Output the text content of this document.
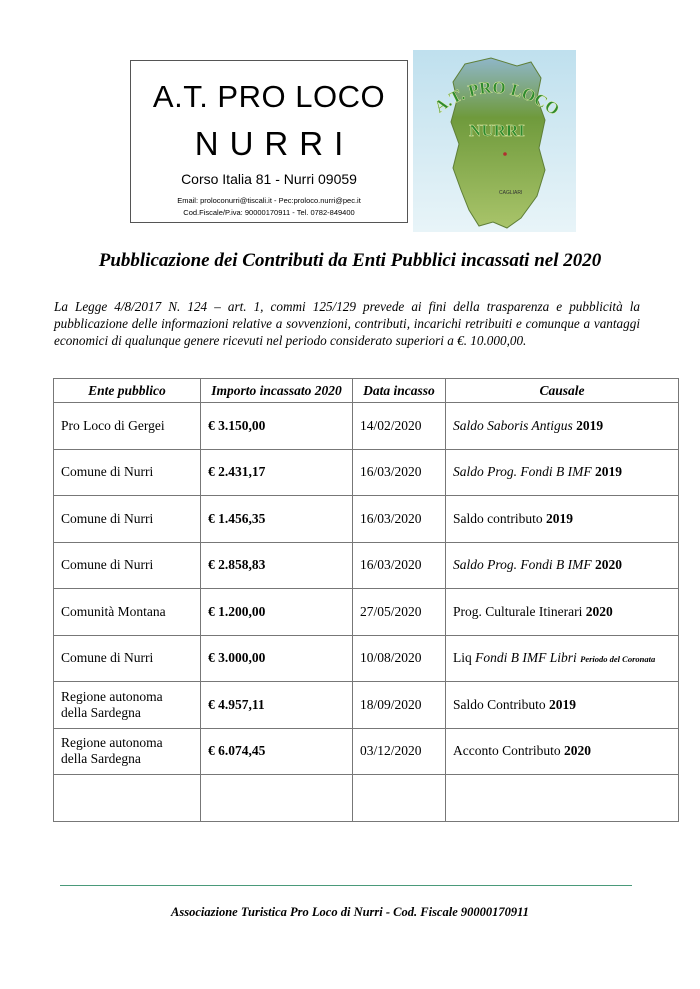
A.T. PRO LOCO
NURRI
Corso Italia 81 - Nurri 09059
Email: proloconurri@tiscali.it - Pec:proloco.nurri@pec.it
Cod.Fiscale/P.iva: 90000170911 - Tel. 0782-849400
CAGLIARI
A.T. PRO LOCO
NURRI
Pubblicazione dei Contributi da Enti Pubblici incassati nel 2020
La Legge 4/8/2017 N. 124 – art. 1, commi 125/129 prevede ai fini della trasparenza e pubblicità la pubblicazione delle informazioni relative a sovvenzioni, contributi, incarichi retribuiti e comunque a vantaggi economici di qualunque genere ricevuti nel periodo considerato superiori a €. 10.000,00.
Ente pubblico	Importo incassato 2020	Data incasso	Causale
Pro Loco di Gergei	€ 3.150,00	14/02/2020	Saldo Saboris Antigus 2019
Comune di Nurri	€ 2.431,17	16/03/2020	Saldo Prog. Fondi B IMF 2019
Comune di Nurri	€ 1.456,35	16/03/2020	Saldo contributo 2019
Comune di Nurri	€ 2.858,83	16/03/2020	Saldo Prog. Fondi B IMF 2020
Comunità Montana	€ 1.200,00	27/05/2020	Prog. Culturale Itinerari 2020
Comune di Nurri	€ 3.000,00	10/08/2020	Liq Fondi B IMF Libri Periodo del Coronata
Regione autonoma
della Sardegna	€ 4.957,11	18/09/2020	Saldo Contributo 2019
Regione autonoma
della Sardegna	€ 6.074,45	03/12/2020	Acconto Contributo 2020

Associazione Turistica Pro Loco di Nurri - Cod. Fiscale 90000170911
